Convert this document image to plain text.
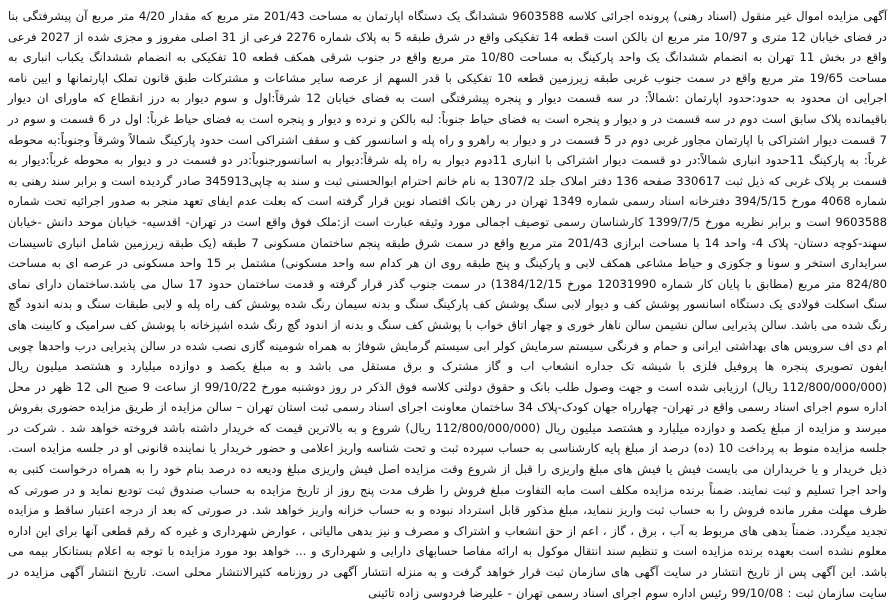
آگهی مزایده اموال غیر منقول (اسناد رهنی) پرونده اجرائی کلاسه 9603588 ششدانگ یک دستگاه اپارتمان به مساحت 201/43 متر مربع که مقدار 4/20 متر مربع آن پیشرفتگی بنا در فضای خیابان 12 متری و 10/97 متر مربع ان بالکن است قطعه 14 تفکیکی واقع در شرق طبقه 5 به پلاک شماره 2276 فرعی از 31 اصلی مفروز و مجزی شده از 2027 فرعی واقع در بخش 11 تهران به انضمام ششدانگ یک واحد پارکینگ به مساحت 10/80 متر مربع واقع در جنوب شرقی همکف قطعه 10 تفکیکی به انضمام ششدانگ یکباب انباری به مساحت 19/65 متر مربع واقع در سمت جنوب غربی طبقه زیرزمین قطعه 10 تفکیکی با قدر السهم از عرصه سایر مشاعات و مشترکات طبق قانون تملک اپارتمانها و ایین نامه اجرایی ان محدود به حدود:حدود اپارتمان :شمالاً: در سه قسمت دیوار و پنجره پیشرفتگی است به فضای خیابان 12 شرقاً:اول و سوم دیوار به درز انقطاع که ماورای ان دیوار باقیمانده پلاک سابق است دوم در سه قسمت در و دیوار و پنجره است به فضای حیاط جنوباً: لبه بالکن و نرده و دیوار و پنجره است به فضای حیاط غرباً: اول در 6 قسمت و سوم در 7 قسمت دیوار اشتراکی با اپارتمان مجاور غربی دوم در 5 قسمت در و دیوار به راهرو و راه پله و اسانسور کف و سقف اشتراکی است حدود پارکینگ شمالاً وشرقاً وجنوباً:به محوطه غرباً: به پارکینگ 11حدود انباری شمالاً:در دو قسمت دیوار اشتراکی با انباری 11دوم دیوار به راه پله شرقاً:دیوار به اسانسورجنوباً:در دو قسمت در و دیوار به محوطه غرباً:دیوار به قسمت بر پلاک غربی که ذیل ثبت 330617 صفحه 136 دفتر املاک جلد 1307/2 به نام خانم احترام ابوالحسنی ثبت و سند به چاپی345913 صادر گردیده است و برابر سند رهنی به شماره 4068 مورخ 394/5/15 دفترخانه اسناد رسمی شماره 1349 تهران در رهن بانک اقتصاد نوین قرار گرفته است که بعلت عدم ایفای تعهد منجر به صدور اجرائیه تحت شماره 9603588 است و برابر نظریه مورخ 1399/7/5 کارشناسان رسمی توصیف اجمالی مورد وثیقه عبارت است از:ملک فوق واقع است در تهران- اقدسیه- خیابان موحد دانش -خیابان سهند-کوچه دستان- پلاک 4- واحد 14 با مساحت ابرازی 201/43 متر مربع واقع در سمت شرق طبقه پنجم ساختمان مسکونی 7 طبقه (یک طبقه زیرزمین شامل انباری تاسیسات سرایداری استخر و سونا و جکوزی و حیاط مشاعی همکف لابی و پارکینگ و پنج طبقه روی ان هر کدام سه واحد مسکونی) مشتمل بر 15 واحد مسکونی در عرصه ای به مساحت 824/80 متر مربع (مطابق با پایان کار شماره 12031990 مورخ 1384/12/15) در سمت جنوب گذر قرار گرفته و قدمت ساختمان حدود 17 سال می باشد.ساختمان دارای نمای سنگ اسکلت فولادی یک دستگاه اسانسور پوشش کف و دیوار لابی سنگ پوشش کف پارکینگ سنگ و بدنه سیمان رنگ شده پوشش کف راه پله و لابی طبقات سنگ و بدنه اندود گچ رنگ شده می باشد. سالن پذیرایی سالن نشیمن سالن ناهار خوری و چهار اتاق خواب با پوشش کف سنگ و بدنه از اندود گچ رنگ شده اشپزخانه با پوشش کف سرامیک و کابینت های ام دی اف سرویس های بهداشتی ایرانی و حمام و فرنگی سیستم سرمایش کولر ابی سیستم گرمایش شوفاژ به همراه شومینه گازی نصب شده در سالن پذیرایی درب واحدها چوبی ایفون تصویری پنجره ها پروفیل فلزی با شیشه تک جداره انشعاب اب و گاز مشترک و برق مستقل می باشد و به مبلغ یکصد و دوازده میلیارد و هشتصد میلیون ریال (112/800/000/000 ریال) ارزیابی شده است و جهت وصول طلب بانک و حقوق دولتی کلاسه فوق الذکر در روز دوشنبه مورخ 99/10/22 از ساعت 9 صبح الی 12 ظهر در محل اداره سوم اجرای اسناد رسمی واقع در تهران- چهارراه جهان کودک-پلاک 34 ساختمان معاونت اجرای اسناد رسمی ثبت استان تهران – سالن مزایده از طریق مزایده حضوری بفروش میرسد و مزایده از مبلغ یکصد و دوازده میلیارد و هشتصد میلیون ریال (112/800/000/000 ریال) شروع و به بالاترین قیمت که خریدار داشته باشد فروخته خواهد شد . شرکت در جلسه مزایده منوط به پرداخت 10 (ده) درصد از مبلغ پایه کارشناسی به حساب سپرده ثبت و تحت شناسه واریز اعلامی و حضور خریدار یا نماینده قانونی او در جلسه مزایده است. ذیل خریدار و یا خریداران می بایست فیش یا فیش های مبلغ واریزی را قبل از شروع وقت مزایده اصل فیش واریزی مبلغ ودیعه ده درصد بنام خود را به همراه درخواست کتبی به واحد اجرا تسلیم و ثبت نمایند. ضمناً برنده مزایده مکلف است مابه التفاوت مبلغ فروش را ظرف مدت پنج روز از تاریخ مزایده به حساب صندوق ثبت تودیع نماید و در صورتی که ظرف مهلت مقرر مانده فروش را به حساب ثبت واریز ننماید، مبلغ مذکور قابل استرداد نبوده و به حساب خزانه واریز خواهد شد. در صورتی که بعد از درجه اعتبار ساقط و مزایده تجدید میگردد. ضمناً بدهی های مربوط به آب ، برق ، گاز ، اعم از حق انشعاب و اشتراک و مصرف و نیز بدهی مالیاتی ، عوارض شهرداری و غیره که رقم قطعی آنها برای این اداره معلوم نشده است بعهده برنده مزایده است و تنظیم سند انتقال موکول به ارائه مفاصا حسابهای دارایی و شهرداری و ... خواهد بود مورد مزایده با توجه به اعلام بستانکار بیمه می باشد. این آگهی پس از تاریخ انتشار در سایت آگهی های سازمان ثبت قرار خواهد گرفت و به منزله انتشار آگهی در روزنامه کثیرالانتشار محلی است. تاریخ انتشار آگهی مزایده در سایت سازمان ثبت : 99/10/08 رئیس اداره سوم اجرای اسناد رسمی تهران - علیرضا فردوسی زاده تائینی
